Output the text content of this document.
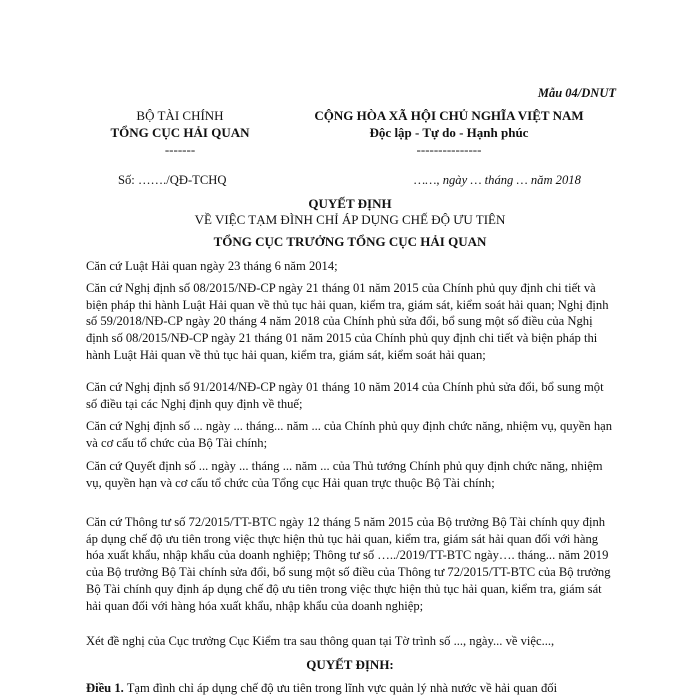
Mẫu 04/DNUT
BỘ TÀI CHÍNH
TỔNG CỤC HẢI QUAN
-------
CỘNG HÒA XÃ HỘI CHỦ NGHĨA VIỆT NAM
Độc lập - Tự do - Hạnh phúc
---------------
Số: ……./QĐ-TCHQ	……, ngày … tháng … năm 2018
QUYẾT ĐỊNH
VỀ VIỆC TẠM ĐÌNH CHỈ ÁP DỤNG CHẾ ĐỘ ƯU TIÊN
TỔNG CỤC TRƯỞNG TỔNG CỤC HẢI QUAN
Căn cứ Luật Hải quan ngày 23 tháng 6 năm 2014;
Căn cứ Nghị định số 08/2015/NĐ-CP ngày 21 tháng 01 năm 2015 của Chính phủ quy định chi tiết và biện pháp thi hành Luật Hải quan về thủ tục hải quan, kiểm tra, giám sát, kiểm soát hải quan; Nghị định số 59/2018/NĐ-CP ngày 20 tháng 4 năm 2018 của Chính phủ sửa đổi, bổ sung một số điều của Nghị định số 08/2015/NĐ-CP ngày 21 tháng 01 năm 2015 của Chính phủ quy định chi tiết và biện pháp thi hành Luật Hải quan về thủ tục hải quan, kiểm tra, giám sát, kiểm soát hải quan;
Căn cứ Nghị định số 91/2014/NĐ-CP ngày 01 tháng 10 năm 2014 của Chính phủ sửa đổi, bổ sung một số điều tại các Nghị định quy định về thuế;
Căn cứ Nghị định số ... ngày ... tháng... năm ... của Chính phủ quy định chức năng, nhiệm vụ, quyền hạn và cơ cấu tổ chức của Bộ Tài chính;
Căn cứ Quyết định số ... ngày ... tháng ... năm ... của Thủ tướng Chính phủ quy định chức năng, nhiệm vụ, quyền hạn và cơ cấu tổ chức của Tổng cục Hải quan trực thuộc Bộ Tài chính;
Căn cứ Thông tư số 72/2015/TT-BTC ngày 12 tháng 5 năm 2015 của Bộ trưởng Bộ Tài chính quy định áp dụng chế độ ưu tiên trong việc thực hiện thủ tục hải quan, kiểm tra, giám sát hải quan đối với hàng hóa xuất khẩu, nhập khẩu của doanh nghiệp; Thông tư số …../2019/TT-BTC ngày…. tháng... năm 2019 của Bộ trưởng Bộ Tài chính sửa đổi, bổ sung một số điều của Thông tư 72/2015/TT-BTC của Bộ trưởng Bộ Tài chính quy định áp dụng chế độ ưu tiên trong việc thực hiện thủ tục hải quan, kiểm tra, giám sát hải quan đối với hàng hóa xuất khẩu, nhập khẩu của doanh nghiệp;
Xét đề nghị của Cục trưởng Cục Kiểm tra sau thông quan tại Tờ trình số ..., ngày... về việc...,
QUYẾT ĐỊNH:
Điều 1. Tạm đình chỉ áp dụng chế độ ưu tiên trong lĩnh vực quản lý nhà nước về hải quan đối
